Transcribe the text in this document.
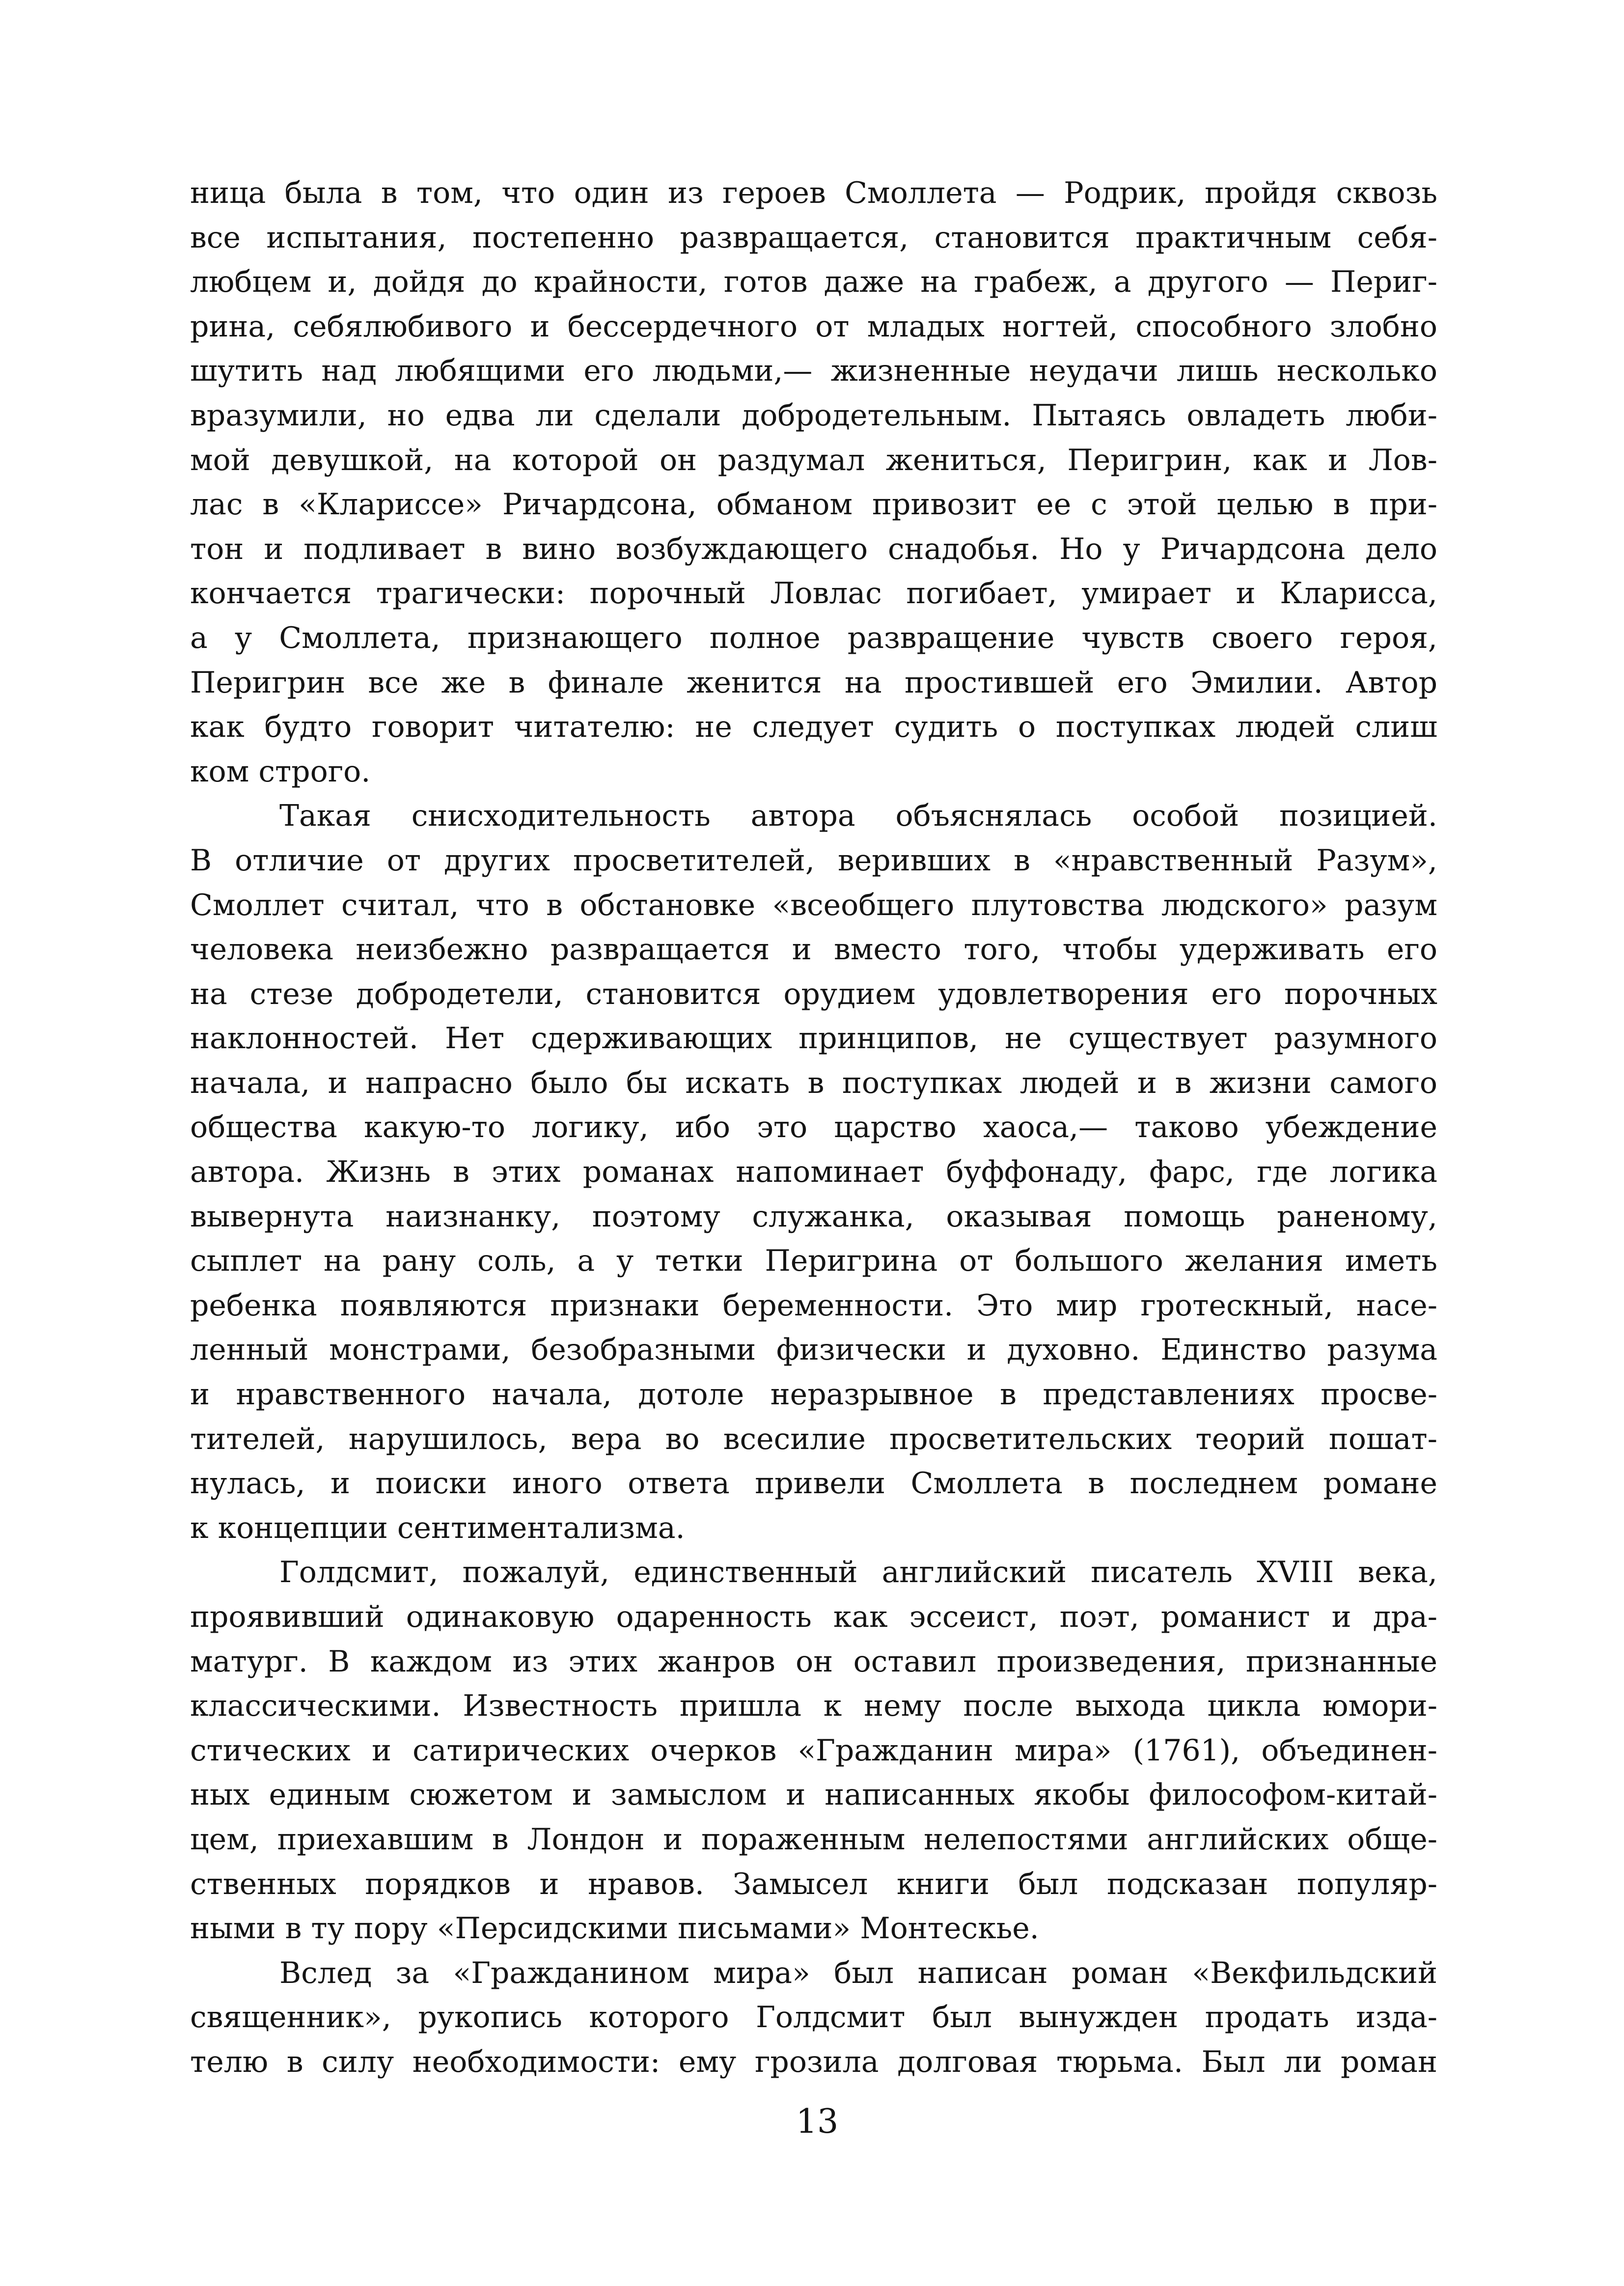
ница была в том, что один из героев Смоллета — Родрик, пройдя сквозь
все испытания, постепенно развращается, становится практичным себя-
любцем и, дойдя до крайности, готов даже на грабеж, а другого — Периг-
рина, себялюбивого и бессердечного от младых ногтей, способного злобно
шутить над любящими его людьми,— жизненные неудачи лишь несколько
вразумили, но едва ли сделали добродетельным. Пытаясь овладеть люби-
мой девушкой, на которой он раздумал жениться, Перигрин, как и Лов-
лас в «Клариссе» Ричардсона, обманом привозит ее с этой целью в при-
тон и подливает в вино возбуждающего снадобья. Но у Ричардсона дело
кончается трагически: порочный Ловлас погибает, умирает и Кларисса,
а у Смоллета, признающего полное развращение чувств своего героя,
Перигрин все же в финале женится на простившей его Эмилии. Автор
как будто говорит читателю: не следует судить о поступках людей слиш
ком строго.
Такая снисходительность автора объяснялась особой позицией.
В отличие от других просветителей, веривших в «нравственный Разум»,
Смоллет считал, что в обстановке «всеобщего плутовства людского» разум
человека неизбежно развращается и вместо того, чтобы удерживать его
на стезе добродетели, становится орудием удовлетворения его порочных
наклонностей. Нет сдерживающих принципов, не существует разумного
начала, и напрасно было бы искать в поступках людей и в жизни самого
общества какую-то логику, ибо это царство хаоса,— таково убеждение
автора. Жизнь в этих романах напоминает буффонаду, фарс, где логика
вывернута наизнанку, поэтому служанка, оказывая помощь раненому,
сыплет на рану соль, а у тетки Перигрина от большого желания иметь
ребенка появляются признаки беременности. Это мир гротескный, насе-
ленный монстрами, безобразными физически и духовно. Единство разума
и нравственного начала, дотоле неразрывное в представлениях просве-
тителей, нарушилось, вера во всесилие просветительских теорий пошат-
нулась, и поиски иного ответа привели Смоллета в последнем романе
к концепции сентиментализма.
Голдсмит, пожалуй, единственный английский писатель XVIII века,
проявивший одинаковую одаренность как эссеист, поэт, романист и дра-
матург. В каждом из этих жанров он оставил произведения, признанные
классическими. Известность пришла к нему после выхода цикла юмори-
стических и сатирических очерков «Гражданин мира» (1761), объединен-
ных единым сюжетом и замыслом и написанных якобы философом-китай-
цем, приехавшим в Лондон и пораженным нелепостями английских обще-
ственных порядков и нравов. Замысел книги был подсказан популяр-
ными в ту пору «Персидскими письмами» Монтескье.
Вслед за «Гражданином мира» был написан роман «Векфильдский
священник», рукопись которого Голдсмит был вынужден продать изда-
телю в силу необходимости: ему грозила долговая тюрьма. Был ли роман
13
